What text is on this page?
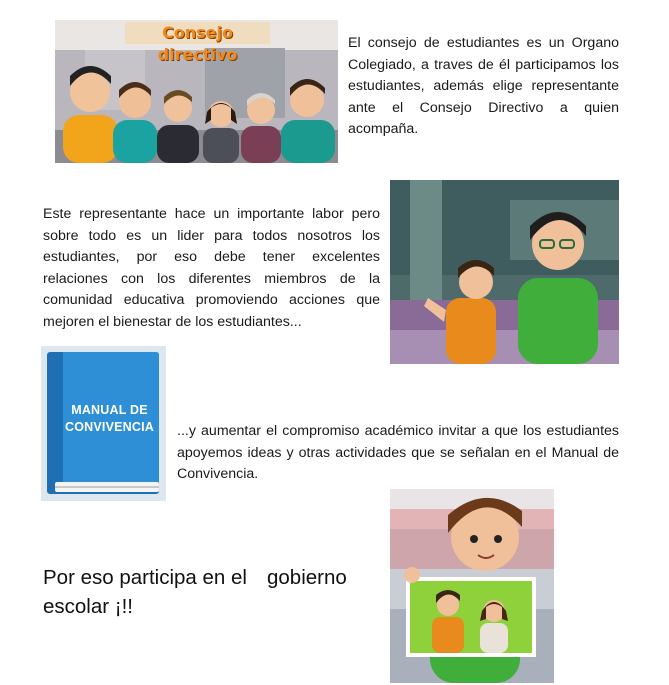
Consejo directivo
El consejo de estudiantes es un Organo Colegiado, a traves de él participamos los estudiantes, además elige representante ante el Consejo Directivo a quien acompaña.
Este representante hace un importante labor pero sobre todo es un lider para todos nosotros los estudiantes, por eso debe tener excelentes relaciones con los diferentes miembros de la comunidad educativa promoviendo acciones que mejoren el bienestar de los estudiantes...
MANUAL DE
CONVIVENCIA	...y aumentar el compromiso académico invitar a que los estudiantes apoyemos ideas y otras actividades que se señalan en el Manual de Convivencia.
Por eso participa en el gobierno escolar ¡!!
